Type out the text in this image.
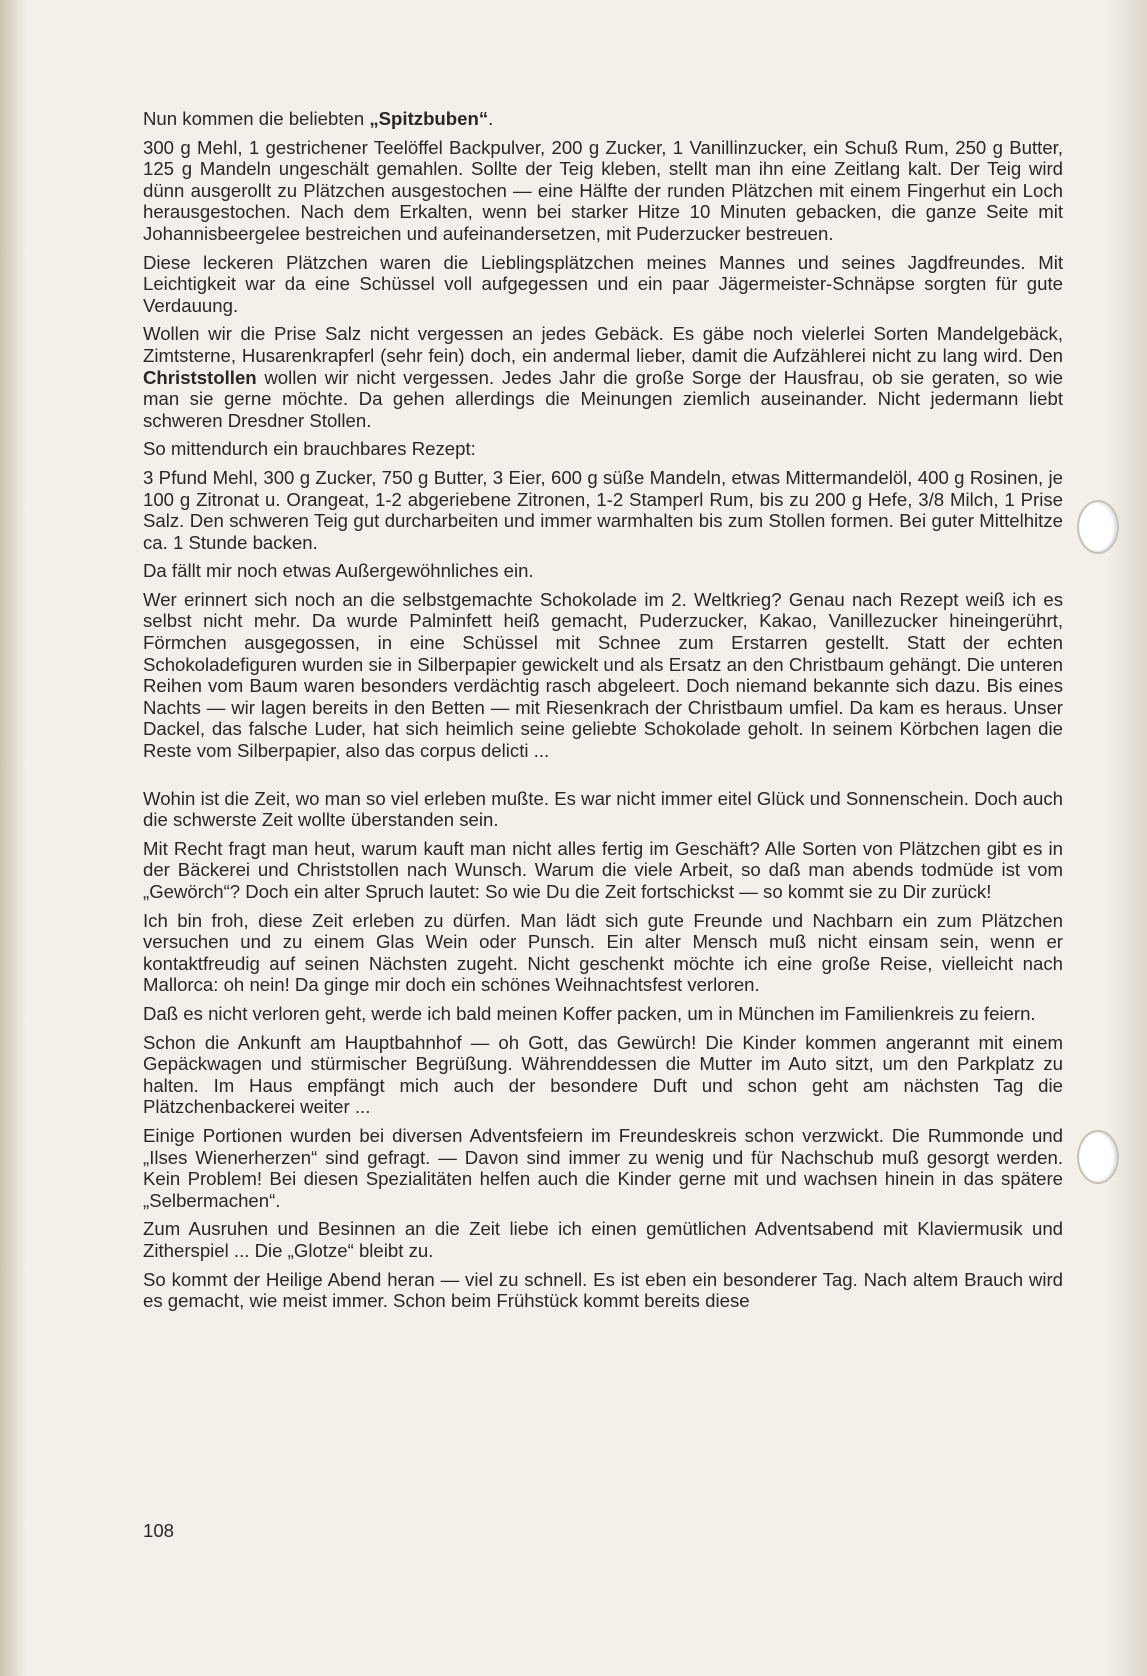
Nun kommen die beliebten „Spitzbuben“.

300 g Mehl, 1 gestrichener Teelöffel Backpulver, 200 g Zucker, 1 Vanillinzucker, ein Schuß Rum, 250 g Butter, 125 g Mandeln ungeschält gemahlen. Sollte der Teig kleben, stellt man ihn eine Zeitlang kalt. Der Teig wird dünn ausgerollt zu Plätzchen ausgestochen — eine Hälfte der runden Plätzchen mit einem Fingerhut ein Loch herausgestochen. Nach dem Erkalten, wenn bei starker Hitze 10 Minuten gebacken, die ganze Seite mit Johannisbeergelee bestreichen und aufeinandersetzen, mit Puderzucker bestreuen.

Diese leckeren Plätzchen waren die Lieblingsplätzchen meines Mannes und seines Jagdfreundes. Mit Leichtigkeit war da eine Schüssel voll aufgegessen und ein paar Jägermeister-Schnäpse sorgten für gute Verdauung.

Wollen wir die Prise Salz nicht vergessen an jedes Gebäck. Es gäbe noch vielerlei Sorten Mandelgebäck, Zimtsterne, Husarenkrapferl (sehr fein) doch, ein andermal lieber, damit die Aufzählerei nicht zu lang wird. Den Christstollen wollen wir nicht vergessen. Jedes Jahr die große Sorge der Hausfrau, ob sie geraten, so wie man sie gerne möchte. Da gehen allerdings die Meinungen ziemlich auseinander. Nicht jedermann liebt schweren Dresdner Stollen.

So mittendurch ein brauchbares Rezept:

3 Pfund Mehl, 300 g Zucker, 750 g Butter, 3 Eier, 600 g süße Mandeln, etwas Mittermandelöl, 400 g Rosinen, je 100 g Zitronat u. Orangeat, 1-2 abgeriebene Zitronen, 1-2 Stamperl Rum, bis zu 200 g Hefe, 3/8 Milch, 1 Prise Salz. Den schweren Teig gut durcharbeiten und immer warmhalten bis zum Stollen formen. Bei guter Mittelhitze ca. 1 Stunde backen.

Da fällt mir noch etwas Außergewöhnliches ein.

Wer erinnert sich noch an die selbstgemachte Schokolade im 2. Weltkrieg? Genau nach Rezept weiß ich es selbst nicht mehr. Da wurde Palminfett heiß gemacht, Puderzucker, Kakao, Vanillezucker hineingerührt, Förmchen ausgegossen, in eine Schüssel mit Schnee zum Erstarren gestellt. Statt der echten Schokoladefiguren wurden sie in Silberpapier gewickelt und als Ersatz an den Christbaum gehängt. Die unteren Reihen vom Baum waren besonders verdächtig rasch abgeleert. Doch niemand bekannte sich dazu. Bis eines Nachts — wir lagen bereits in den Betten — mit Riesenkrach der Christbaum umfiel. Da kam es heraus. Unser Dackel, das falsche Luder, hat sich heimlich seine geliebte Schokolade geholt. In seinem Körbchen lagen die Reste vom Silberpapier, also das corpus delicti ...

Wohin ist die Zeit, wo man so viel erleben mußte. Es war nicht immer eitel Glück und Sonnenschein. Doch auch die schwerste Zeit wollte überstanden sein.

Mit Recht fragt man heut, warum kauft man nicht alles fertig im Geschäft? Alle Sorten von Plätzchen gibt es in der Bäckerei und Christstollen nach Wunsch. Warum die viele Arbeit, so daß man abends todmüde ist vom „Gewörch“? Doch ein alter Spruch lautet: So wie Du die Zeit fortschickst — so kommt sie zu Dir zurück!

Ich bin froh, diese Zeit erleben zu dürfen. Man lädt sich gute Freunde und Nachbarn ein zum Plätzchen versuchen und zu einem Glas Wein oder Punsch. Ein alter Mensch muß nicht einsam sein, wenn er kontaktfreudig auf seinen Nächsten zugeht. Nicht geschenkt möchte ich eine große Reise, vielleicht nach Mallorca: oh nein! Da ginge mir doch ein schönes Weihnachtsfest verloren.

Daß es nicht verloren geht, werde ich bald meinen Koffer packen, um in München im Familienkreis zu feiern.

Schon die Ankunft am Hauptbahnhof — oh Gott, das Gewürch! Die Kinder kommen angerannt mit einem Gepäckwagen und stürmischer Begrüßung. Währenddessen die Mutter im Auto sitzt, um den Parkplatz zu halten. Im Haus empfängt mich auch der besondere Duft und schon geht am nächsten Tag die Plätzchenbackerei weiter ...

Einige Portionen wurden bei diversen Adventsfeiern im Freundeskreis schon verzwickt. Die Rummonde und „Ilses Wienerherzen“ sind gefragt. — Davon sind immer zu wenig und für Nachschub muß gesorgt werden. Kein Problem! Bei diesen Spezialitäten helfen auch die Kinder gerne mit und wachsen hinein in das spätere „Selbermachen“.

Zum Ausruhen und Besinnen an die Zeit liebe ich einen gemütlichen Adventsabend mit Klaviermusik und Zitherspiel ... Die „Glotze“ bleibt zu.

So kommt der Heilige Abend heran — viel zu schnell. Es ist eben ein besonderer Tag. Nach altem Brauch wird es gemacht, wie meist immer. Schon beim Frühstück kommt bereits diese

108
